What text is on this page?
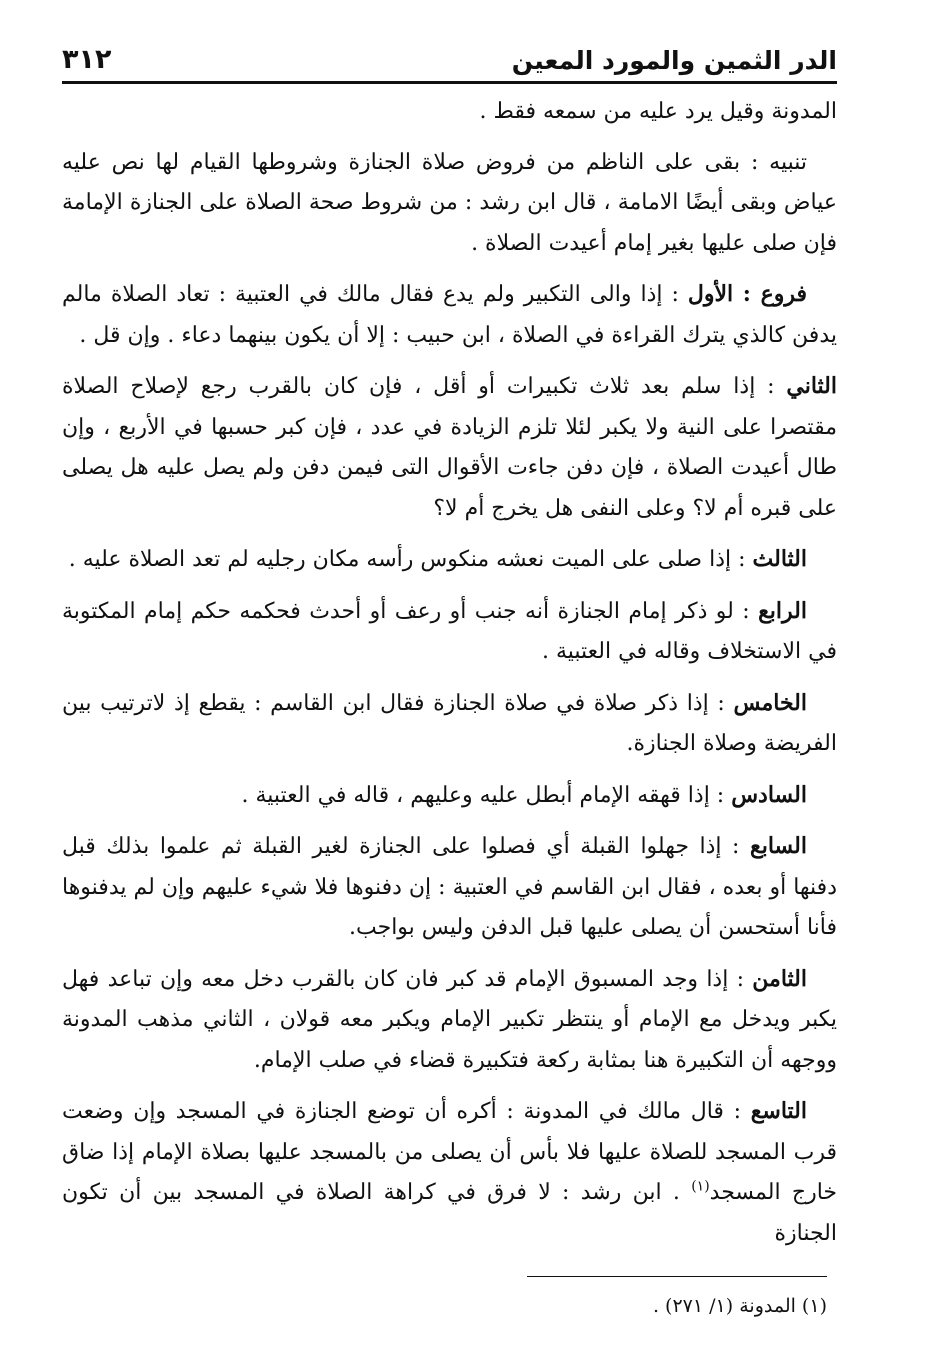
الدر الثمين والمورد المعين
٣١٢

المدونة وقيل يرد عليه من سمعه فقط .

تنبيه : بقى على الناظم من فروض صلاة الجنازة وشروطها القيام لها نص عليه عياض وبقى أيضًا الامامة ، قال ابن رشد : من شروط صحة الصلاة على الجنازة الإمامة فإن صلى عليها بغير إمام أعيدت الصلاة .

فروع : الأول : إذا والى التكبير ولم يدع فقال مالك في العتبية : تعاد الصلاة مالم يدفن كالذي يترك القراءة في الصلاة ، ابن حبيب : إلا أن يكون بينهما دعاء . وإن قل .

الثاني : إذا سلم بعد ثلاث تكبيرات أو أقل ، فإن كان بالقرب رجع لإصلاح الصلاة مقتصرا على النية ولا يكبر لئلا تلزم الزيادة في عدد ، فإن كبر حسبها في الأربع ، وإن طال أعيدت الصلاة ، فإن دفن جاءت الأقوال التى فيمن دفن ولم يصل عليه هل يصلى على قبره أم لا؟ وعلى النفى هل يخرج أم لا؟

الثالث : إذا صلى على الميت نعشه منكوس رأسه مكان رجليه لم تعد الصلاة عليه .

الرابع : لو ذكر إمام الجنازة أنه جنب أو رعف أو أحدث فحكمه حكم إمام المكتوبة في الاستخلاف وقاله في العتبية .

الخامس : إذا ذكر صلاة في صلاة الجنازة فقال ابن القاسم : يقطع إذ لاترتيب بين الفريضة وصلاة الجنازة.

السادس : إذا قهقه الإمام أبطل عليه وعليهم ، قاله في العتبية .

السابع : إذا جهلوا القبلة أي فصلوا على الجنازة لغير القبلة ثم علموا بذلك قبل دفنها أو بعده ، فقال ابن القاسم في العتبية : إن دفنوها فلا شيء عليهم وإن لم يدفنوها فأنا أستحسن أن يصلى عليها قبل الدفن وليس بواجب.

الثامن : إذا وجد المسبوق الإمام قد كبر فان كان بالقرب دخل معه وإن تباعد فهل يكبر ويدخل مع الإمام أو ينتظر تكبير الإمام ويكبر معه قولان ، الثاني مذهب المدونة ووجهه أن التكبيرة هنا بمثابة ركعة فتكبيرة قضاء في صلب الإمام.

التاسع : قال مالك في المدونة : أكره أن توضع الجنازة في المسجد وإن وضعت قرب المسجد للصلاة عليها فلا بأس أن يصلى من بالمسجد عليها بصلاة الإمام إذا ضاق خارج المسجد$^{(١)}$ . ابن رشد : لا فرق في كراهة الصلاة في المسجد بين أن تكون الجنازة

(١) المدونة (١/ ٢٧١) .
